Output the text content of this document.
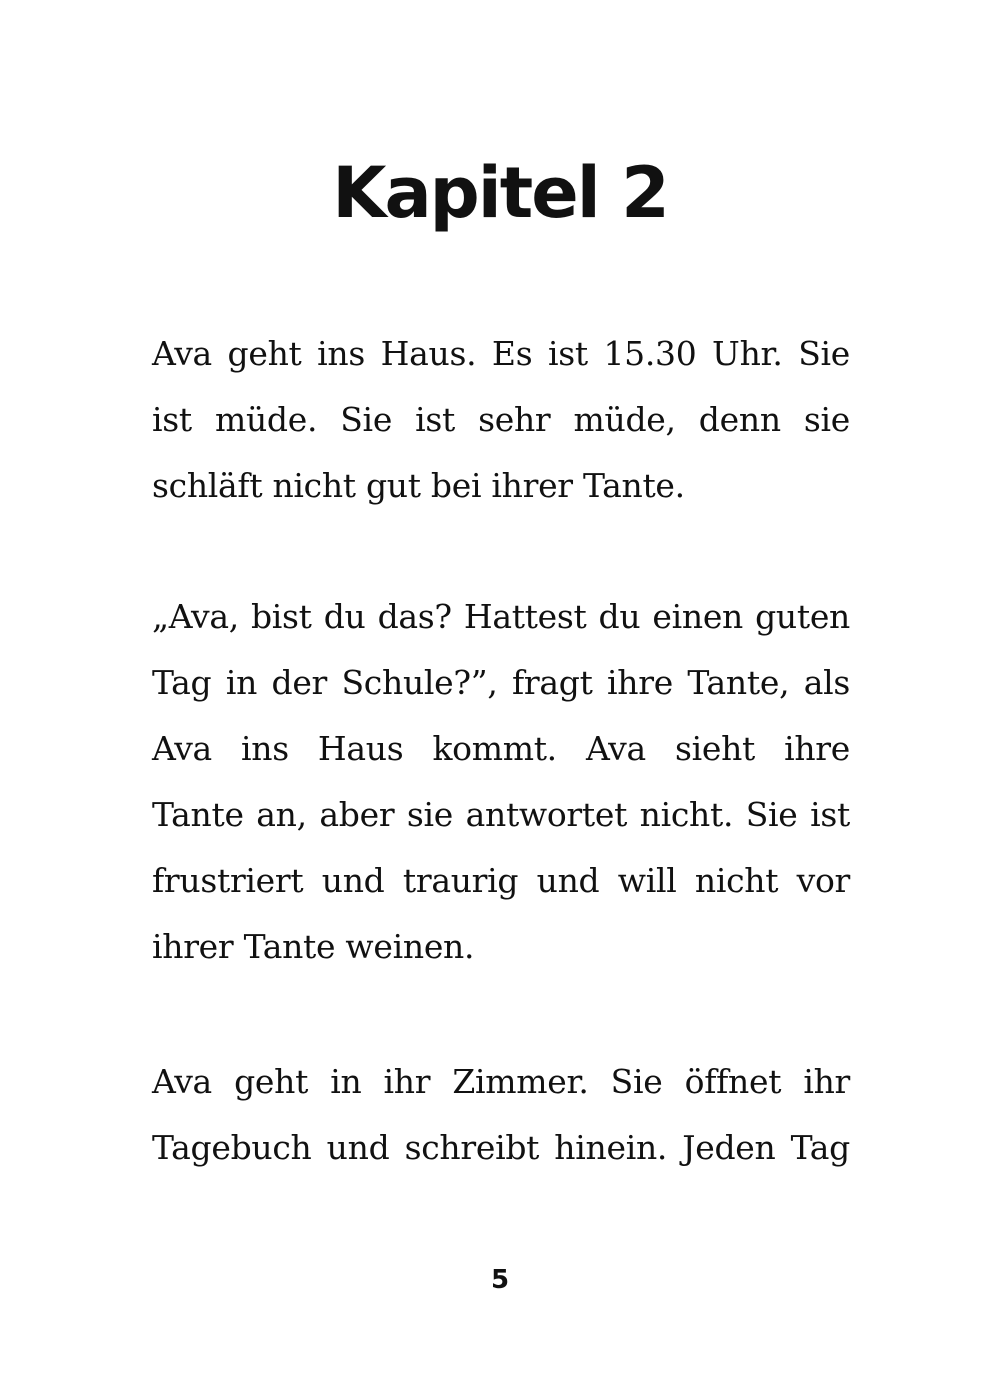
Kapitel 2
Ava geht ins Haus. Es ist 15.30 Uhr. Sie
ist müde. Sie ist sehr müde, denn sie
schläft nicht gut bei ihrer Tante.
„Ava, bist du das? Hattest du einen guten
Tag in der Schule?”, fragt ihre Tante, als
Ava ins Haus kommt. Ava sieht ihre
Tante an, aber sie antwortet nicht. Sie ist
frustriert und traurig und will nicht vor
ihrer Tante weinen.
Ava geht in ihr Zimmer. Sie öffnet ihr
Tagebuch und schreibt hinein. Jeden Tag
5
